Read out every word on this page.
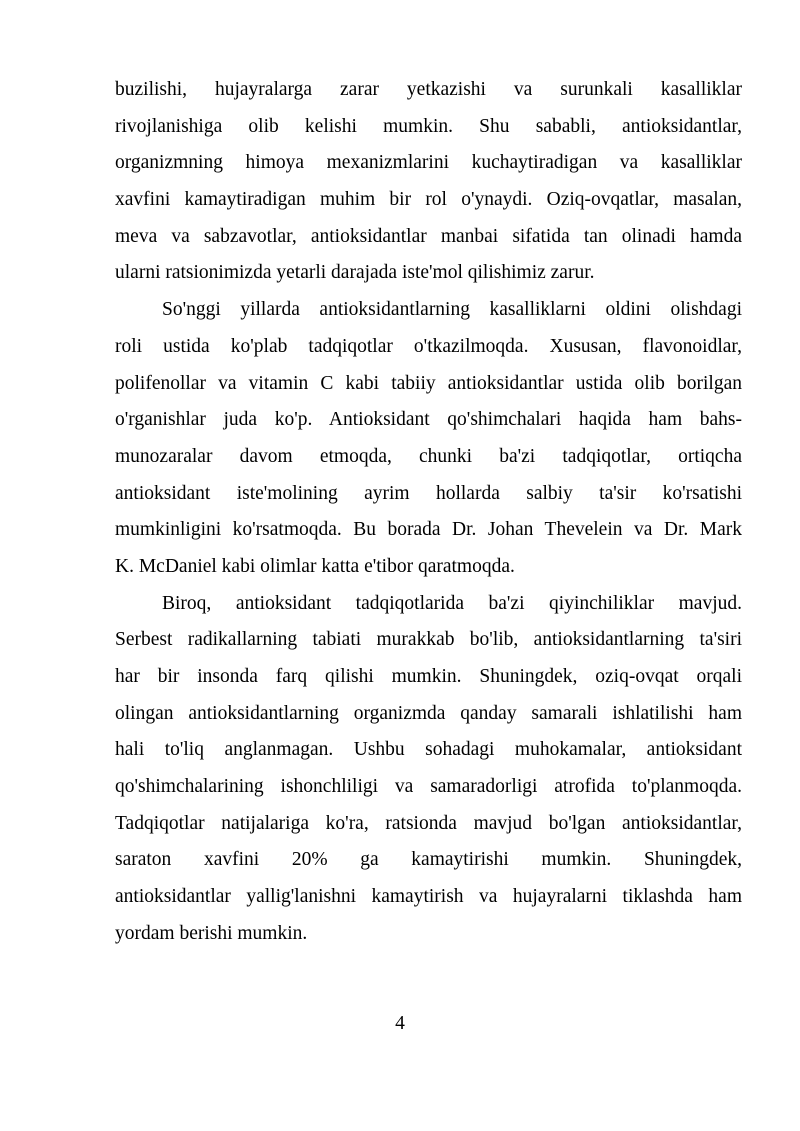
buzilishi, hujayralarga zarar yetkazishi va surunkali kasalliklar
rivojlanishiga olib kelishi mumkin. Shu sababli, antioksidantlar,
organizmning himoya mexanizmlarini kuchaytiradigan va kasalliklar
xavfini kamaytiradigan muhim bir rol o'ynaydi. Oziq-ovqatlar, masalan,
meva va sabzavotlar, antioksidantlar manbai sifatida tan olinadi hamda
ularni ratsionimizda yetarli darajada iste'mol qilishimiz zarur.
So'nggi yillarda antioksidantlarning kasalliklarni oldini olishdagi
roli ustida ko'plab tadqiqotlar o'tkazilmoqda. Xususan, flavonoidlar,
polifenollar va vitamin C kabi tabiiy antioksidantlar ustida olib borilgan
o'rganishlar juda ko'p. Antioksidant qo'shimchalari haqida ham bahs-
munozaralar davom etmoqda, chunki ba'zi tadqiqotlar, ortiqcha
antioksidant iste'molining ayrim hollarda salbiy ta'sir ko'rsatishi
mumkinligini ko'rsatmoqda. Bu borada Dr. Johan Thevelein va Dr. Mark
K. McDaniel kabi olimlar katta e'tibor qaratmoqda.
Biroq, antioksidant tadqiqotlarida ba'zi qiyinchiliklar mavjud.
Serbest radikallarning tabiati murakkab bo'lib, antioksidantlarning ta'siri
har bir insonda farq qilishi mumkin. Shuningdek, oziq-ovqat orqali
olingan antioksidantlarning organizmda qanday samarali ishlatilishi ham
hali to'liq anglanmagan. Ushbu sohadagi muhokamalar, antioksidant
qo'shimchalarining ishonchliligi va samaradorligi atrofida to'planmoqda.
Tadqiqotlar natijalariga ko'ra, ratsionda mavjud bo'lgan antioksidantlar,
saraton xavfini 20% ga kamaytirishi mumkin. Shuningdek,
antioksidantlar yallig'lanishni kamaytirish va hujayralarni tiklashda ham
yordam berishi mumkin.
4
